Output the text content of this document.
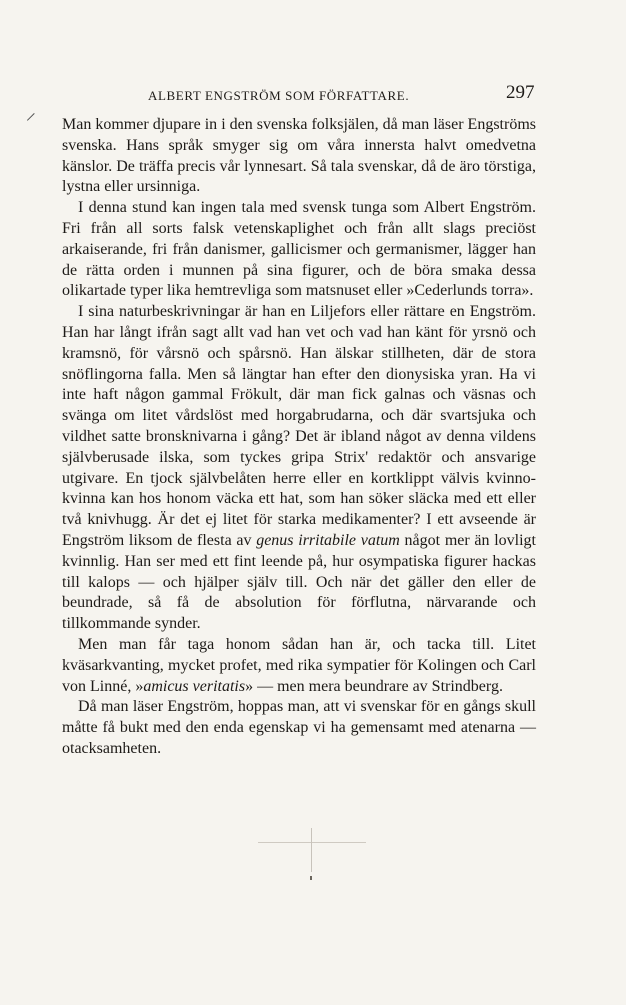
ALBERT ENGSTRÖM SOM FÖRFATTARE.	297

Man kommer djupare in i den svenska folksjälen, då man läser Engströms svenska. Hans språk smyger sig om våra innersta halvt omedvetna känslor. De träffa precis vår lynnesart. Så tala svenskar, då de äro törstiga, lystna eller ursinniga.

I denna stund kan ingen tala med svensk tunga som Albert Engström. Fri från all sorts falsk vetenskaplighet och från allt slags preciöst arkaiserande, fri från danismer, gallicismer och germanismer, lägger han de rätta orden i munnen på sina figurer, och de böra smaka dessa olikartade typer lika hemtrevliga som matsnuset eller »Cederlunds torra».

I sina naturbeskrivningar är han en Liljefors eller rättare en Engström. Han har långt ifrån sagt allt vad han vet och vad han känt för yrsnö och kramsnö, för vårsnö och spårsnö. Han älskar stillheten, där de stora snöflingorna falla. Men så längtar han efter den dionysiska yran. Ha vi inte haft någon gammal Frökult, där man fick galnas och väsnas och svänga om litet vårdslöst med horgabrudarna, och där svartsjuka och vildhet satte bronsknivarna i gång? Det är ibland något av denna vildens självberusade ilska, som tyckes gripa Strix' redaktör och ansvarige utgivare. En tjock självbelåten herre eller en kortklippt välvis kvinno-kvinna kan hos honom väcka ett hat, som han söker släcka med ett eller två knivhugg. Är det ej litet för starka medikamenter? I ett avseende är Engström liksom de flesta av genus irritabile vatum något mer än lovligt kvinnlig. Han ser med ett fint leende på, hur osympatiska figurer hackas till kalops — och hjälper själv till. Och när det gäller den eller de beundrade, så få de absolution för förflutna, närvarande och tillkommande synder.

Men man får taga honom sådan han är, och tacka till. Litet kväsarkvanting, mycket profet, med rika sympatier för Kolingen och Carl von Linné, »amicus veritatis» — men mera beundrare av Strindberg.

Då man läser Engström, hoppas man, att vi svenskar för en gångs skull måtte få bukt med den enda egenskap vi ha gemensamt med atenarna — otacksamheten.
